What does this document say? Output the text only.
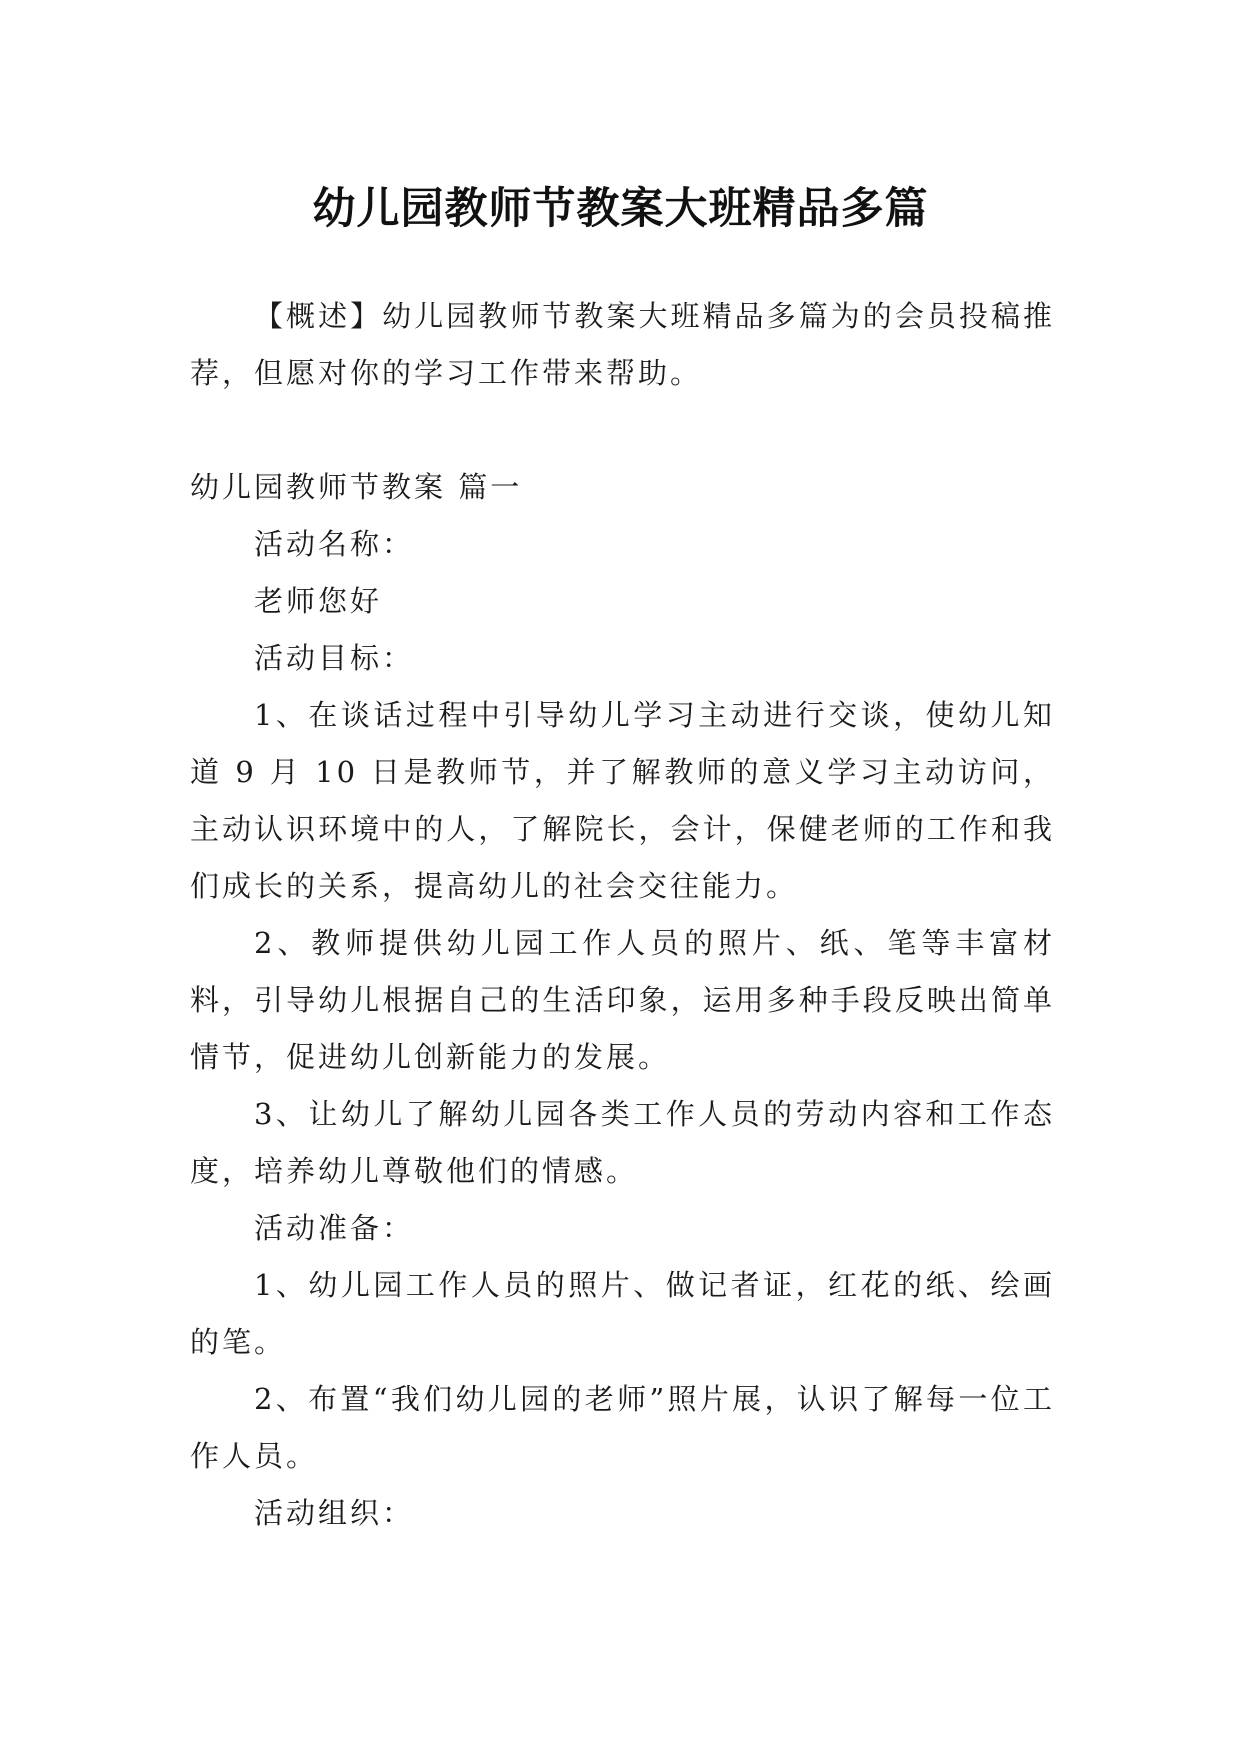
幼儿园教师节教案大班精品多篇

【概述】幼儿园教师节教案大班精品多篇为的会员投稿推荐，但愿对你的学习工作带来帮助。

幼儿园教师节教案 篇一

活动名称：

老师您好

活动目标：

1、在谈话过程中引导幼儿学习主动进行交谈，使幼儿知道 9 月 10 日是教师节，并了解教师的意义学习主动访问，主动认识环境中的人，了解院长，会计，保健老师的工作和我们成长的关系，提高幼儿的社会交往能力。

2、教师提供幼儿园工作人员的照片、纸、笔等丰富材料，引导幼儿根据自己的生活印象，运用多种手段反映出简单情节，促进幼儿创新能力的发展。

3、让幼儿了解幼儿园各类工作人员的劳动内容和工作态度，培养幼儿尊敬他们的情感。

活动准备：

1、幼儿园工作人员的照片、做记者证，红花的纸、绘画的笔。

2、布置“我们幼儿园的老师”照片展，认识了解每一位工作人员。

活动组织：
